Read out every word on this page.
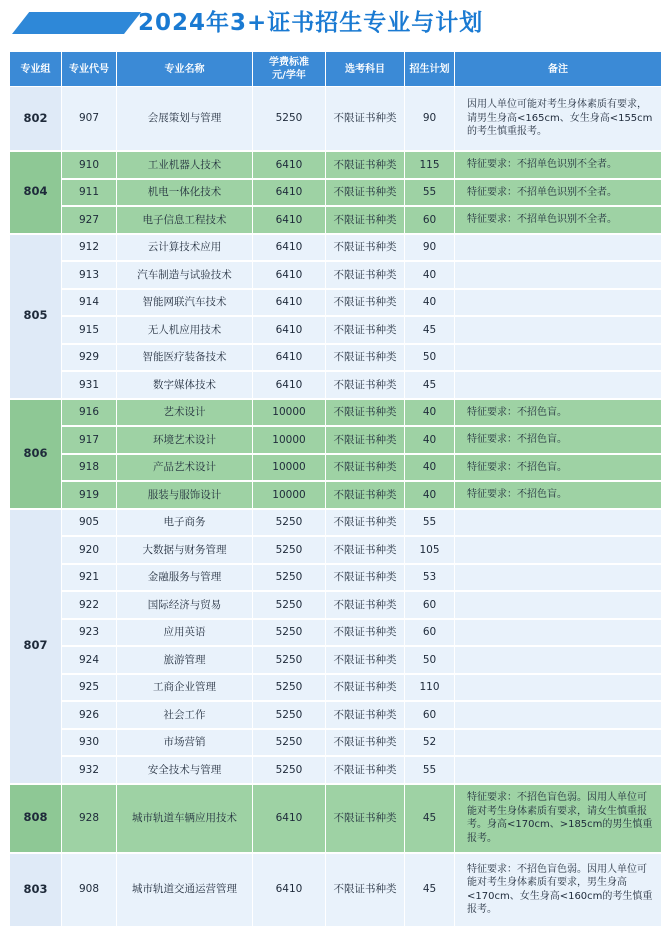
2024年3+证书招生专业与计划
专业组	专业代号	专业名称	学费标准
元/学年	选考科目	招生计划	备注
802	907	会展策划与管理	5250	不限证书种类	90	因用人单位可能对考生身体素质有要求，请男生身高<165cm、女生身高<155cm的考生慎重报考。
804	910	工业机器人技术	6410	不限证书种类	115	特征要求：不招单色识别不全者。
	911	机电一体化技术	6410	不限证书种类	55	特征要求：不招单色识别不全者。
	927	电子信息工程技术	6410	不限证书种类	60	特征要求：不招单色识别不全者。
805	912	云计算技术应用	6410	不限证书种类	90	
	913	汽车制造与试验技术	6410	不限证书种类	40	
	914	智能网联汽车技术	6410	不限证书种类	40	
	915	无人机应用技术	6410	不限证书种类	45	
	929	智能医疗装备技术	6410	不限证书种类	50	
	931	数字媒体技术	6410	不限证书种类	45	
806	916	艺术设计	10000	不限证书种类	40	特征要求：不招色盲。
	917	环境艺术设计	10000	不限证书种类	40	特征要求：不招色盲。
	918	产品艺术设计	10000	不限证书种类	40	特征要求：不招色盲。
	919	服装与服饰设计	10000	不限证书种类	40	特征要求：不招色盲。
807	905	电子商务	5250	不限证书种类	55	
	920	大数据与财务管理	5250	不限证书种类	105	
	921	金融服务与管理	5250	不限证书种类	53	
	922	国际经济与贸易	5250	不限证书种类	60	
	923	应用英语	5250	不限证书种类	60	
	924	旅游管理	5250	不限证书种类	50	
	925	工商企业管理	5250	不限证书种类	110	
	926	社会工作	5250	不限证书种类	60	
	930	市场营销	5250	不限证书种类	52	
	932	安全技术与管理	5250	不限证书种类	55	
808	928	城市轨道车辆应用技术	6410	不限证书种类	45	特征要求：不招色盲色弱。因用人单位可能对考生身体素质有要求，请女生慎重报考。身高<170cm、>185cm的男生慎重报考。
803	908	城市轨道交通运营管理	6410	不限证书种类	45	特征要求：不招色盲色弱。因用人单位可能对考生身体素质有要求，男生身高<170cm、女生身高<160cm的考生慎重报考。
